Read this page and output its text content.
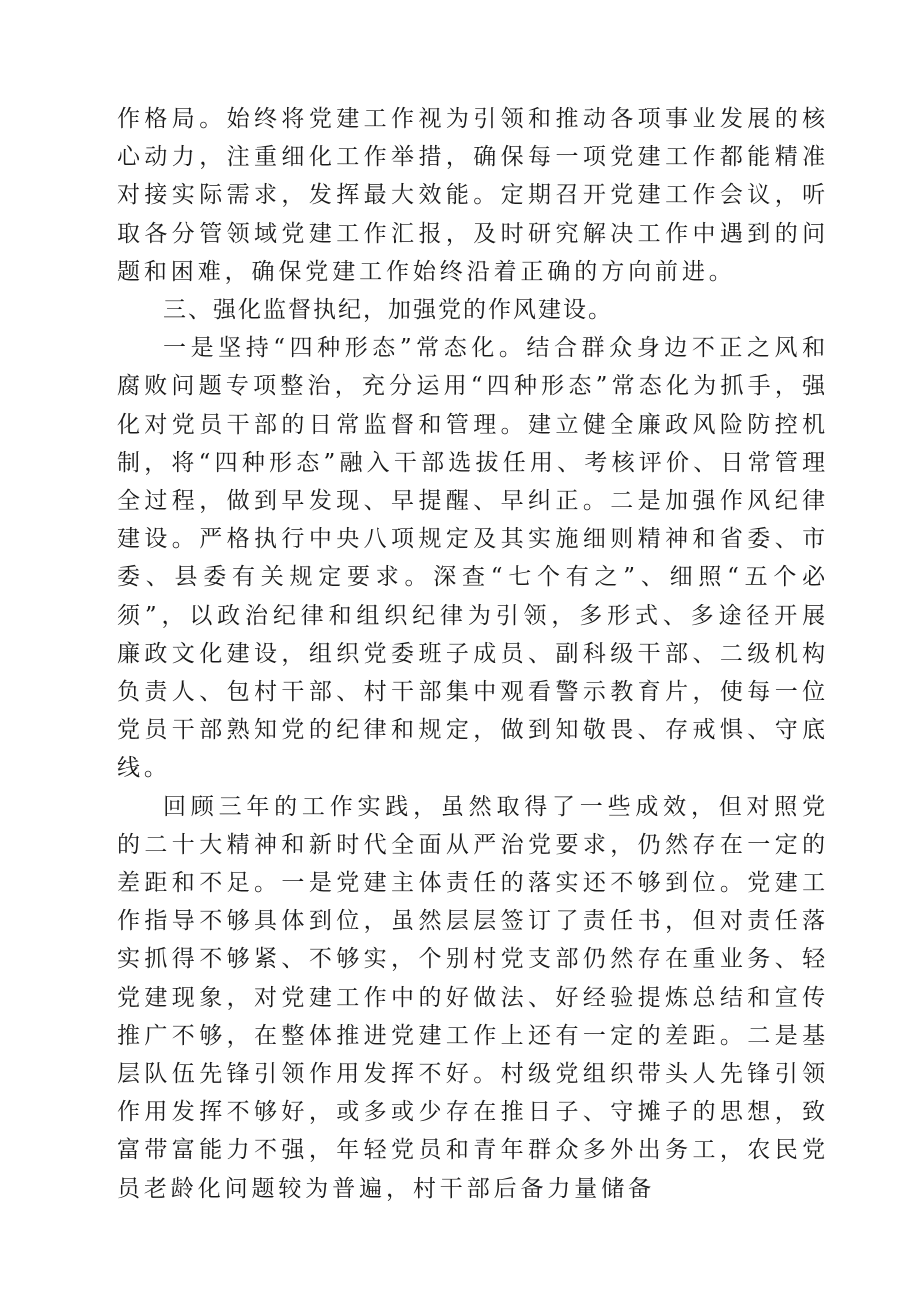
作格局。始终将党建工作视为引领和推动各项事业发展的核心动力，注重细化工作举措，确保每一项党建工作都能精准对接实际需求，发挥最大效能。定期召开党建工作会议，听取各分管领域党建工作汇报，及时研究解决工作中遇到的问题和困难，确保党建工作始终沿着正确的方向前进。

三、强化监督执纪，加强党的作风建设。

一是坚持“四种形态”常态化。结合群众身边不正之风和腐败问题专项整治，充分运用“四种形态”常态化为抓手，强化对党员干部的日常监督和管理。建立健全廉政风险防控机制，将“四种形态”融入干部选拔任用、考核评价、日常管理全过程，做到早发现、早提醒、早纠正。二是加强作风纪律建设。严格执行中央八项规定及其实施细则精神和省委、市委、县委有关规定要求。深查“七个有之”、细照“五个必须”，以政治纪律和组织纪律为引领，多形式、多途径开展廉政文化建设，组织党委班子成员、副科级干部、二级机构负责人、包村干部、村干部集中观看警示教育片，使每一位党员干部熟知党的纪律和规定，做到知敬畏、存戒惧、守底线。

回顾三年的工作实践，虽然取得了一些成效，但对照党的二十大精神和新时代全面从严治党要求，仍然存在一定的差距和不足。一是党建主体责任的落实还不够到位。党建工作指导不够具体到位，虽然层层签订了责任书，但对责任落实抓得不够紧、不够实，个别村党支部仍然存在重业务、轻党建现象，对党建工作中的好做法、好经验提炼总结和宣传推广不够，在整体推进党建工作上还有一定的差距。二是基层队伍先锋引领作用发挥不好。村级党组织带头人先锋引领作用发挥不够好，或多或少存在推日子、守摊子的思想，致富带富能力不强，年轻党员和青年群众多外出务工，农民党员老龄化问题较为普遍，村干部后备力量储备
